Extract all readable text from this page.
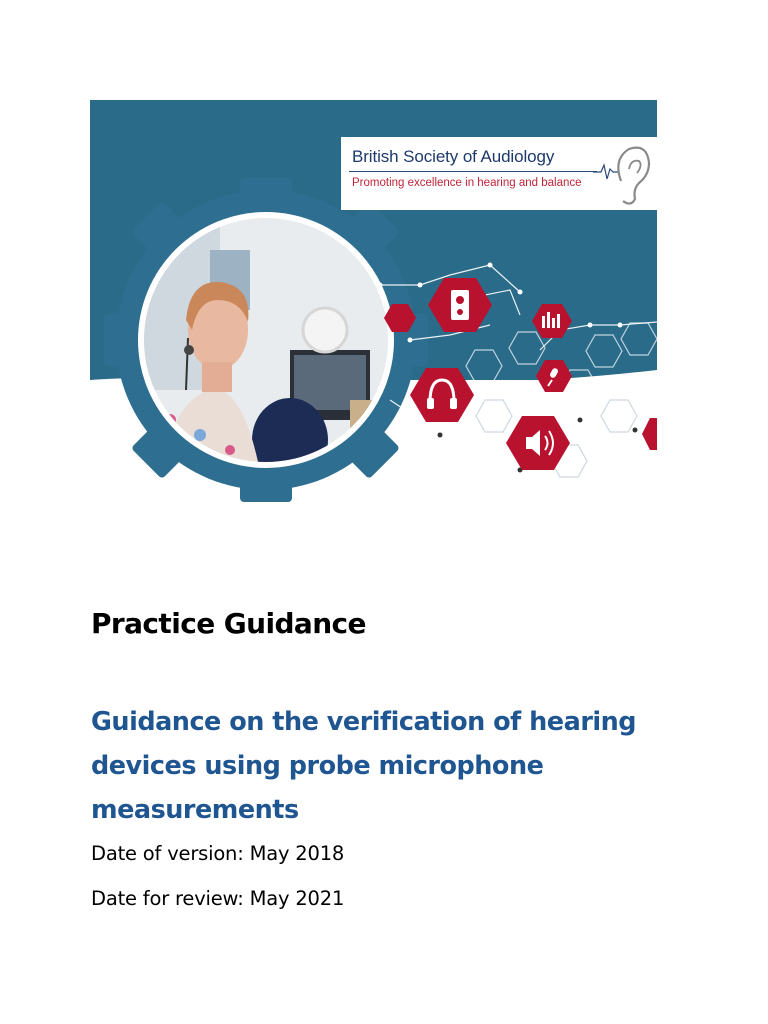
British Society of Audiology
Promoting excellence in hearing and balance
Practice Guidance
Guidance on the verification of hearing
devices using probe microphone
measurements

Date of version: May 2018

Date for review: May 2021
